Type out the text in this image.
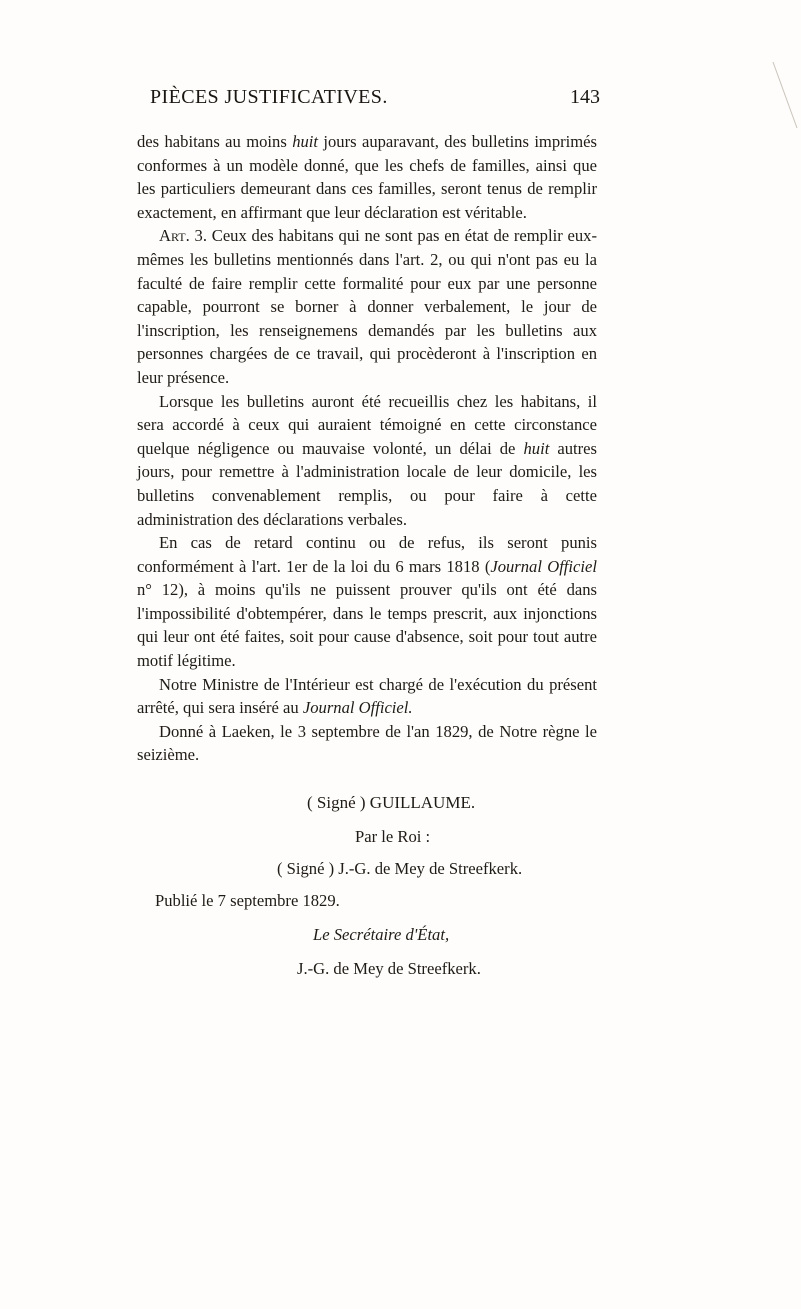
PIÈCES JUSTIFICATIVES.	143

des habitans au moins huit jours auparavant, des bulletins imprimés conformes à un modèle donné, que les chefs de familles, ainsi que les particuliers demeurant dans ces familles, seront tenus de remplir exactement, en affirmant que leur déclaration est véritable.

Art. 3. Ceux des habitans qui ne sont pas en état de remplir eux-mêmes les bulletins mentionnés dans l'art. 2, ou qui n'ont pas eu la faculté de faire remplir cette formalité pour eux par une personne capable, pourront se borner à donner verbalement, le jour de l'inscription, les renseignemens demandés par les bulletins aux personnes chargées de ce travail, qui procèderont à l'inscription en leur présence.

Lorsque les bulletins auront été recueillis chez les habitans, il sera accordé à ceux qui auraient témoigné en cette circonstance quelque négligence ou mauvaise volonté, un délai de huit autres jours, pour remettre à l'administration locale de leur domicile, les bulletins convenablement remplis, ou pour faire à cette administration des déclarations verbales.

En cas de retard continu ou de refus, ils seront punis conformément à l'art. 1er de la loi du 6 mars 1818 (Journal Officiel n° 12), à moins qu'ils ne puissent prouver qu'ils ont été dans l'impossibilité d'obtempérer, dans le temps prescrit, aux injonctions qui leur ont été faites, soit pour cause d'absence, soit pour tout autre motif légitime.

Notre Ministre de l'Intérieur est chargé de l'exécution du présent arrêté, qui sera inséré au Journal Officiel.

Donné à Laeken, le 3 septembre de l'an 1829, de Notre règne le seizième.

( Signé ) GUILLAUME.
Par le Roi :
( Signé ) J.-G. de Mey de Streefkerk.
Publié le 7 septembre 1829.
Le Secrétaire d'État,
J.-G. de Mey de Streefkerk.
